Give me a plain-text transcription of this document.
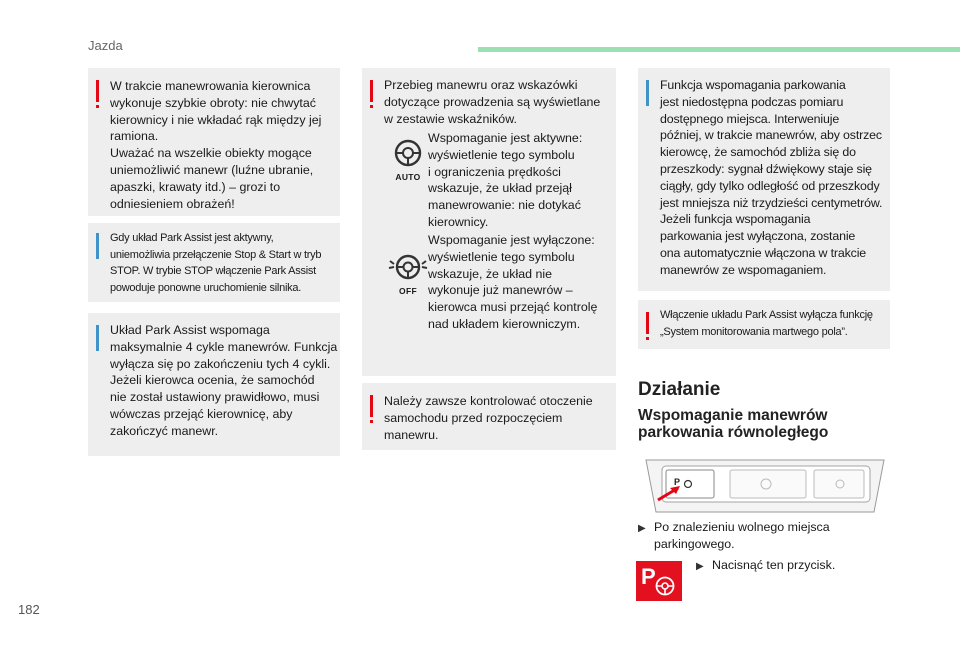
Jazda

W trakcie manewrowania kierownica
wykonuje szybkie obroty: nie chwytać
kierownicy i nie wkładać rąk między jej
ramiona.
Uważać na wszelkie obiekty mogące
uniemożliwić manewr (luźne ubranie,
apaszki, krawaty itd.) – grozi to
odniesieniem obrażeń!

Gdy układ Park Assist jest aktywny,
uniemożliwia przełączenie Stop & Start w tryb
STOP. W trybie STOP włączenie Park Assist
powoduje ponowne uruchomienie silnika.

Układ Park Assist wspomaga
maksymalnie 4 cykle manewrów. Funkcja
wyłącza się po zakończeniu tych 4 cykli.
Jeżeli kierowca ocenia, że samochód
nie został ustawiony prawidłowo, musi
wówczas przejąć kierownicę, aby
zakończyć manewr.

Przebieg manewru oraz wskazówki
dotyczące prowadzenia są wyświetlane
w zestawie wskaźników.

AUTO

Wspomaganie jest aktywne:
wyświetlenie tego symbolu
i ograniczenia prędkości
wskazuje, że układ przejął
manewrowanie: nie dotykać
kierownicy.

OFF

Wspomaganie jest wyłączone:
wyświetlenie tego symbolu
wskazuje, że układ nie
wykonuje już manewrów –
kierowca musi przejąć kontrolę
nad układem kierowniczym.

Należy zawsze kontrolować otoczenie
samochodu przed rozpoczęciem
manewru.

Funkcja wspomagania parkowania
jest niedostępna podczas pomiaru
dostępnego miejsca. Interweniuje
później, w trakcie manewrów, aby ostrzec
kierowcę, że samochód zbliża się do
przeszkody: sygnał dźwiękowy staje się
ciągły, gdy tylko odległość od przeszkody
jest mniejsza niż trzydzieści centymetrów.
Jeżeli funkcja wspomagania
parkowania jest wyłączona, zostanie
ona automatycznie włączona w trakcie
manewrów ze wspomaganiem.

Włączenie układu Park Assist wyłącza funkcję
„System monitorowania martwego pola”.

Działanie
Wspomaganie manewrów
parkowania równoległego
P
▶ Po znalezieniu wolnego miejsca
parkingowego.

P	▶ Nacisnąć ten przycisk.

182
